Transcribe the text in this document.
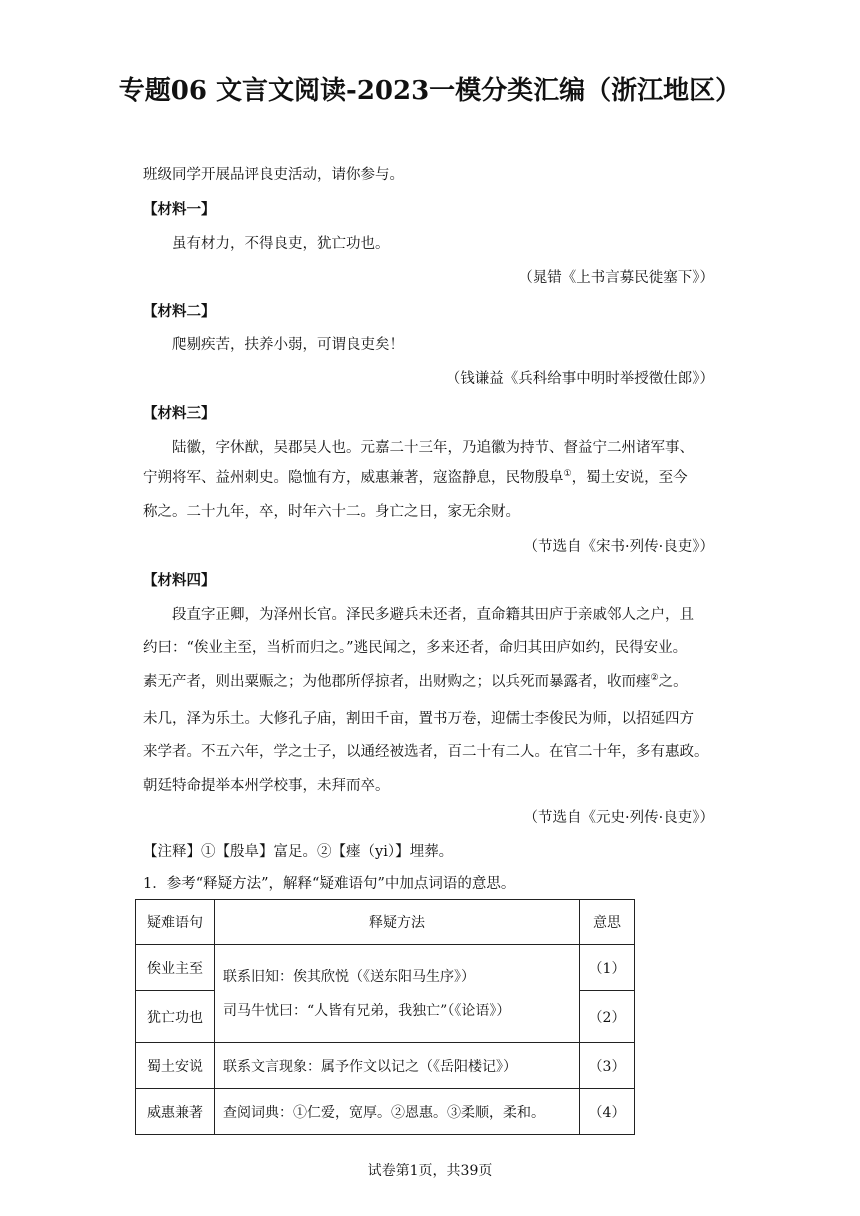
专题06 文言文阅读-2023一模分类汇编（浙江地区）
班级同学开展品评良吏活动，请你参与。
【材料一】
虽有材力，不得良吏，犹亡功也。
（晁错《上书言募民徙塞下》）
【材料二】
爬剔疾苦，扶养小弱，可谓良吏矣！
（钱谦益《兵科给事中明时举授徵仕郎》）
【材料三】
陆徽，字休猷，吴郡吴人也。元嘉二十三年，乃追徽为持节、督益宁二州诸军事、
宁朔将军、益州刺史。隐恤有方，威惠兼著，寇盗静息，民物殷阜①，蜀土安说，至今
称之。二十九年，卒，时年六十二。身亡之日，家无余财。
（节选自《宋书·列传·良吏》）
【材料四】
段直字正卿，为泽州长官。泽民多避兵未还者，直命籍其田庐于亲戚邻人之户，且
约曰：“俟业主至，当析而归之。”逃民闻之，多来还者，命归其田庐如约，民得安业。
素无产者，则出粟赈之；为他郡所俘掠者，出财购之；以兵死而暴露者，收而瘗②之。
未几，泽为乐土。大修孔子庙，割田千亩，置书万卷，迎儒士李俊民为师，以招延四方
来学者。不五六年，学之士子，以通经被选者，百二十有二人。在官二十年，多有惠政。
朝廷特命提举本州学校事，未拜而卒。
（节选自《元史·列传·良吏》）
【注释】①【殷阜】富足。②【瘗（yi）】埋葬。
1．参考“释疑方法”，解释“疑难语句”中加点词语的意思。
疑难语句	释疑方法	意思
俟业主至	联系旧知：俟其欣悦（《送东阳马生序》）
司马牛忧曰：“人皆有兄弟，我独亡”（《论语》）	（1）
犹亡功也		（2）
蜀土安说	联系文言现象：属予作文以记之（《岳阳楼记》）	（3）
威惠兼著	查阅词典：①仁爱，宽厚。②恩惠。③柔顺，柔和。	（4）
试卷第1页，共39页
